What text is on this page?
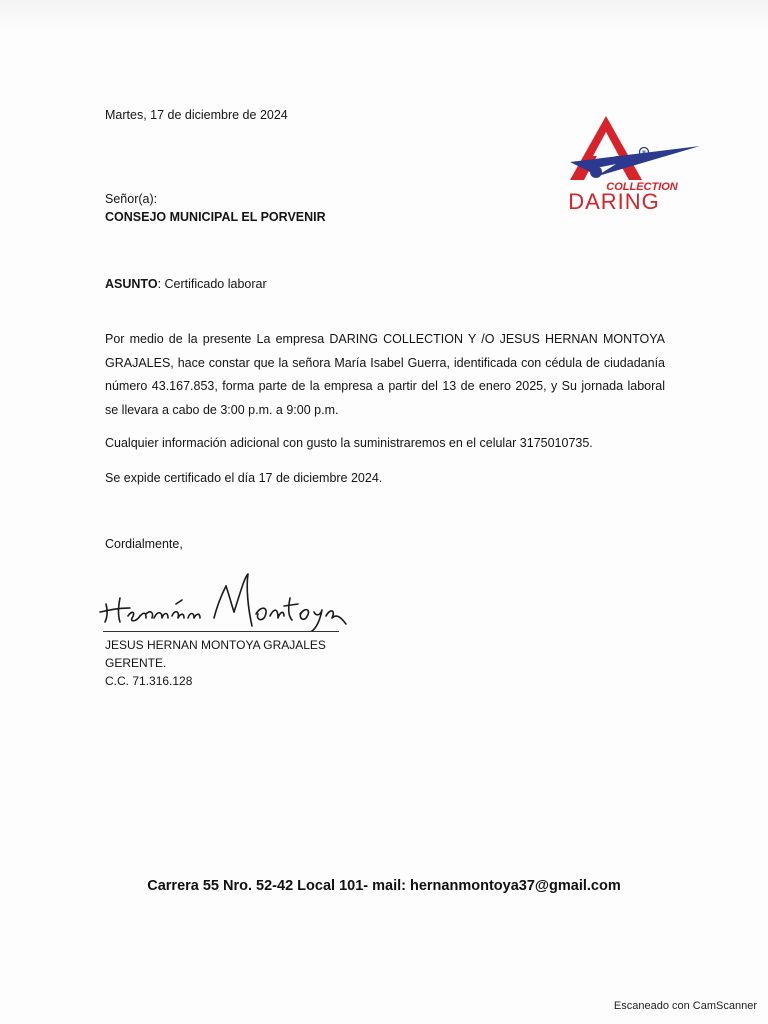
Martes, 17 de diciembre de 2024
®
COLLECTION
DARING
Señor(a):
CONSEJO MUNICIPAL EL PORVENIR
ASUNTO: Certificado laborar
Por medio de la presente La empresa DARING COLLECTION Y /O JESUS HERNAN MONTOYA GRAJALES, hace constar que la señora María Isabel Guerra, identificada con cédula de ciudadanía número 43.167.853, forma parte de la empresa a partir del 13 de enero 2025, y Su jornada laboral se llevara a cabo de 3:00 p.m. a 9:00 p.m.
Cualquier información adicional con gusto la suministraremos en el celular 3175010735.
Se expide certificado el día 17 de diciembre 2024.
Cordialmente,
JESUS HERNAN MONTOYA GRAJALES
GERENTE.
C.C. 71.316.128
Carrera 55 Nro. 52-42 Local 101- mail: hernanmontoya37@gmail.com
Escaneado con CamScanner
